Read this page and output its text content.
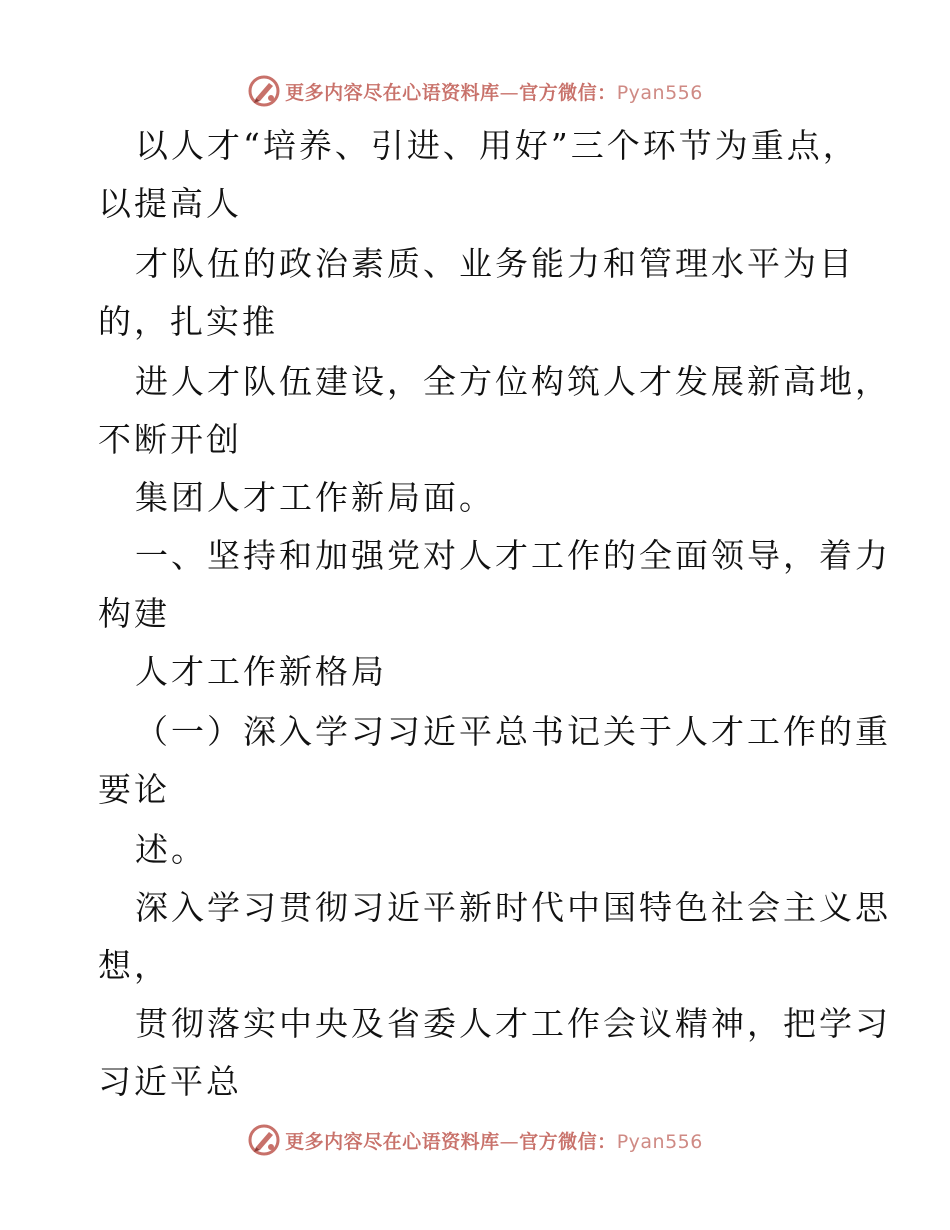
更多内容尽在心语资料库—官方微信：Pyan556
以人才“培养、引进、用好”三个环节为重点，
以提高人
才队伍的政治素质、业务能力和管理水平为目
的，扎实推
进人才队伍建设，全方位构筑人才发展新高地，
不断开创
集团人才工作新局面。
一、坚持和加强党对人才工作的全面领导，着力
构建
人才工作新格局
（一）深入学习习近平总书记关于人才工作的重
要论
述。
深入学习贯彻习近平新时代中国特色社会主义思
想，
贯彻落实中央及省委人才工作会议精神，把学习
习近平总
更多内容尽在心语资料库—官方微信：Pyan556
